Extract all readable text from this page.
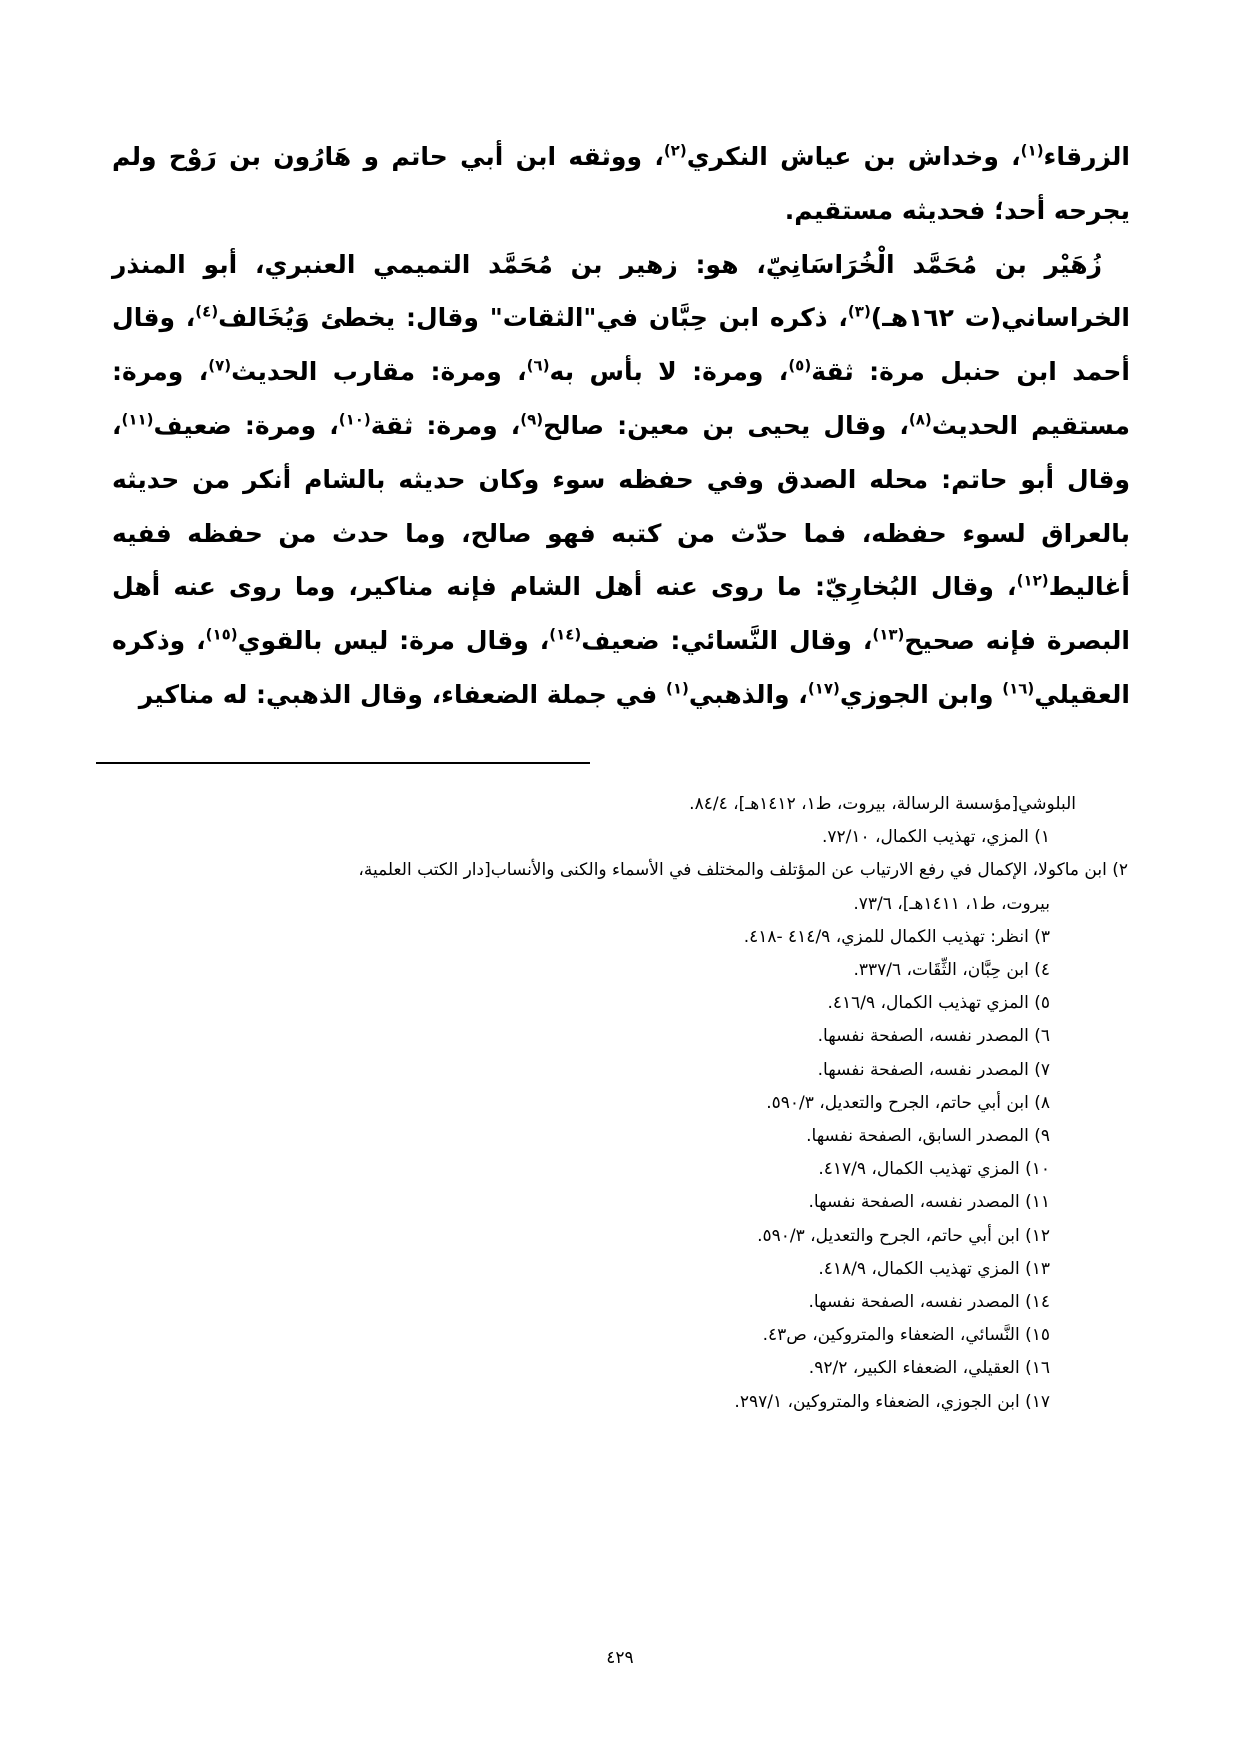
الزرقاء$^{(١)}$، وخداش بن عياش النكري$^{(٢)}$، ووثقه ابن أبي حاتم و هَارُون بن رَوْح ولم يجرحه أحد؛ فحديثه مستقيم.

زُهَيْر بن مُحَمَّد الْخُرَاسَانِيّ، هو: زهير بن مُحَمَّد التميمي العنبري، أبو المنذر الخراساني(ت ١٦٢هـ)$^{(٣)}$، ذكره ابن حِبَّان في"الثقات" وقال: يخطئ وَيُخَالف$^{(٤)}$، وقال أحمد ابن حنبل مرة: ثقة$^{(٥)}$، ومرة: لا بأس به$^{(٦)}$، ومرة: مقارب الحديث$^{(٧)}$، ومرة: مستقيم الحديث$^{(٨)}$، وقال يحيى بن معين: صالح$^{(٩)}$، ومرة: ثقة$^{(١٠)}$، ومرة: ضعيف$^{(١١)}$، وقال أبو حاتم: محله الصدق وفي حفظه سوء وكان حديثه بالشام أنكر من حديثه بالعراق لسوء حفظه، فما حدّث من كتبه فهو صالح، وما حدث من حفظه ففيه أغاليط$^{(١٢)}$، وقال البُخارِيّ: ما روى عنه أهل الشام فإنه مناكير، وما روى عنه أهل البصرة فإنه صحيح$^{(١٣)}$، وقال النَّسائي: ضعيف$^{(١٤)}$، وقال مرة: ليس بالقوي$^{(١٥)}$، وذكره العقيلي$^{(١٦)}$ وابن الجوزي$^{(١٧)}$، والذهبي$^{(١)}$ في جملة الضعفاء، وقال الذهبي: له مناكير

البلوشي[مؤسسة الرسالة، بيروت، ط١، ١٤١٢هـ]، ٨٤/٤.
١) المزي، تهذيب الكمال، ٧٢/١٠.
٢) ابن ماكولا، الإكمال في رفع الارتياب عن المؤتلف والمختلف في الأسماء والكنى والأنساب[دار الكتب العلمية،
بيروت، ط١، ١٤١١هـ]، ٧٣/٦.
٣) انظر: تهذيب الكمال للمزي، ٤١٤/٩ -٤١٨.
٤) ابن حِبَّان، الثِّقَات، ٣٣٧/٦.
٥) المزي تهذيب الكمال، ٤١٦/٩.
٦) المصدر نفسه، الصفحة نفسها.
٧) المصدر نفسه، الصفحة نفسها.
٨) ابن أبي حاتم، الجرح والتعديل، ٥٩٠/٣.
٩) المصدر السابق، الصفحة نفسها.
١٠) المزي تهذيب الكمال، ٤١٧/٩.
١١) المصدر نفسه، الصفحة نفسها.
١٢) ابن أبي حاتم، الجرح والتعديل، ٥٩٠/٣.
١٣) المزي تهذيب الكمال، ٤١٨/٩.
١٤) المصدر نفسه، الصفحة نفسها.
١٥) النَّسائي، الضعفاء والمتروكين، ص٤٣.
١٦) العقيلي، الضعفاء الكبير، ٩٢/٢.
١٧) ابن الجوزي، الضعفاء والمتروكين، ٢٩٧/١.
٤٢٩
